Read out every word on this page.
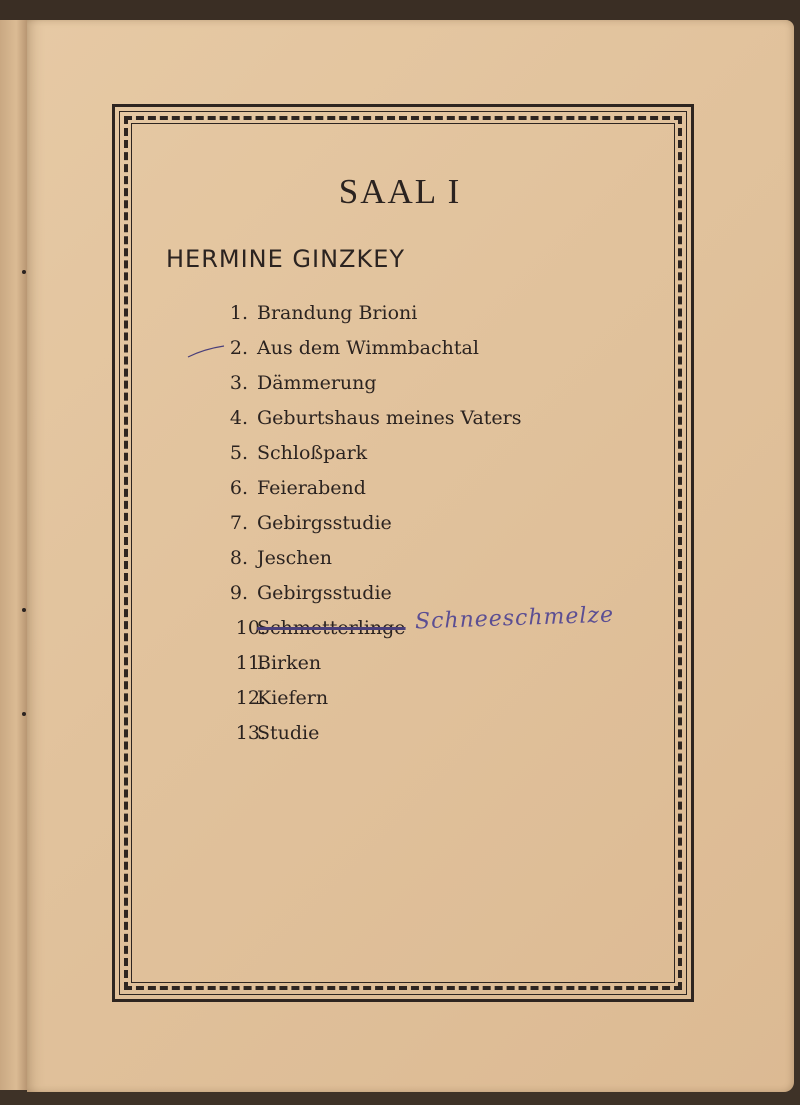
SAAL I
HERMINE GINZKEY
1. Brandung Brioni
2. Aus dem Wimmbachtal
3. Dämmerung
4. Geburtshaus meines Vaters
5. Schloßpark
6. Feierabend
7. Gebirgsstudie
8. Jeschen
9. Gebirgsstudie
10.
Schmetterlinge
11.
Birken
12.
Kiefern
13.
Studie
Schneeschmelze
